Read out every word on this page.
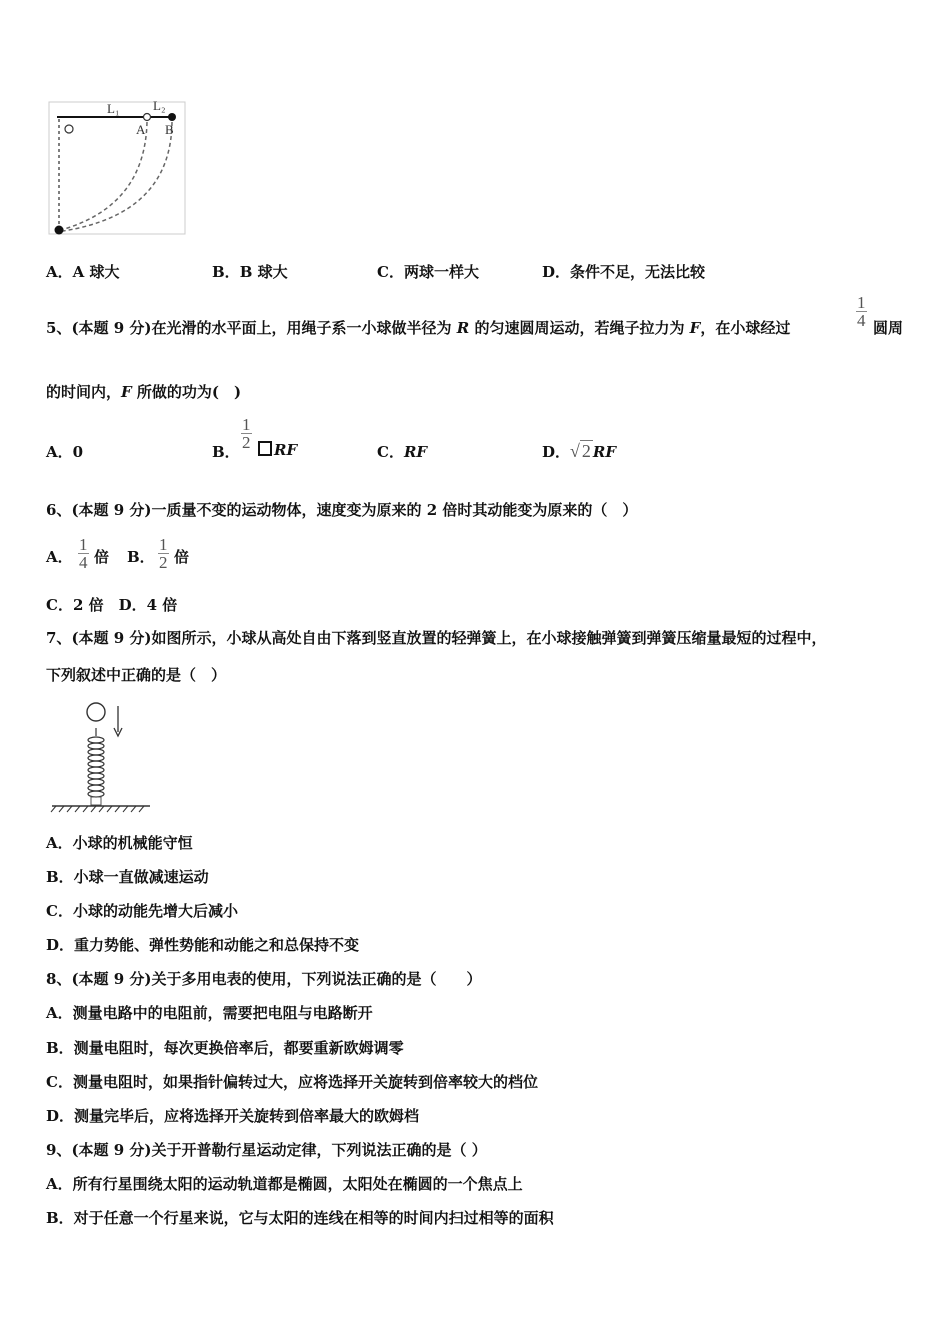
L₁	L₂
A B
A．A 球大	B．B 球大	C．两球一样大	D．条件不足，无法比较
5、(本题 9 分)在光滑的水平面上，用绳子系一小球做半径为 R 的匀速圆周运动，若绳子拉力为 F，在小球经过	$\frac{1}{4}$ 圆周
的时间内，F 所做的功为(　)
A．0	B．
$\frac{1}{2}$	RF	C．RF	D．√ 2 RF
6、(本题 9 分)一质量不变的运动物体，速度变为原来的 2 倍时其动能变为原来的（　）
A． $\frac{1}{4}$ 倍 B． $\frac{1}{2}$ 倍
C．2 倍　D．4 倍
7、(本题 9 分)如图所示，小球从高处自由下落到竖直放置的轻弹簧上，在小球接触弹簧到弹簧压缩量最短的过程中，
下列叙述中正确的是（　）
A．小球的机械能守恒
B．小球一直做减速运动
C．小球的动能先增大后减小
D．重力势能、弹性势能和动能之和总保持不变
8、(本题 9 分)关于多用电表的使用，下列说法正确的是（　　）
A．测量电路中的电阻前，需要把电阻与电路断开
B．测量电阻时，每次更换倍率后，都要重新欧姆调零
C．测量电阻时，如果指针偏转过大，应将选择开关旋转到倍率较大的档位
D．测量完毕后，应将选择开关旋转到倍率最大的欧姆档
9、(本题 9 分)关于开普勒行星运动定律，下列说法正确的是（ ）
A．所有行星围绕太阳的运动轨道都是椭圆，太阳处在椭圆的一个焦点上
B．对于任意一个行星来说，它与太阳的连线在相等的时间内扫过相等的面积
